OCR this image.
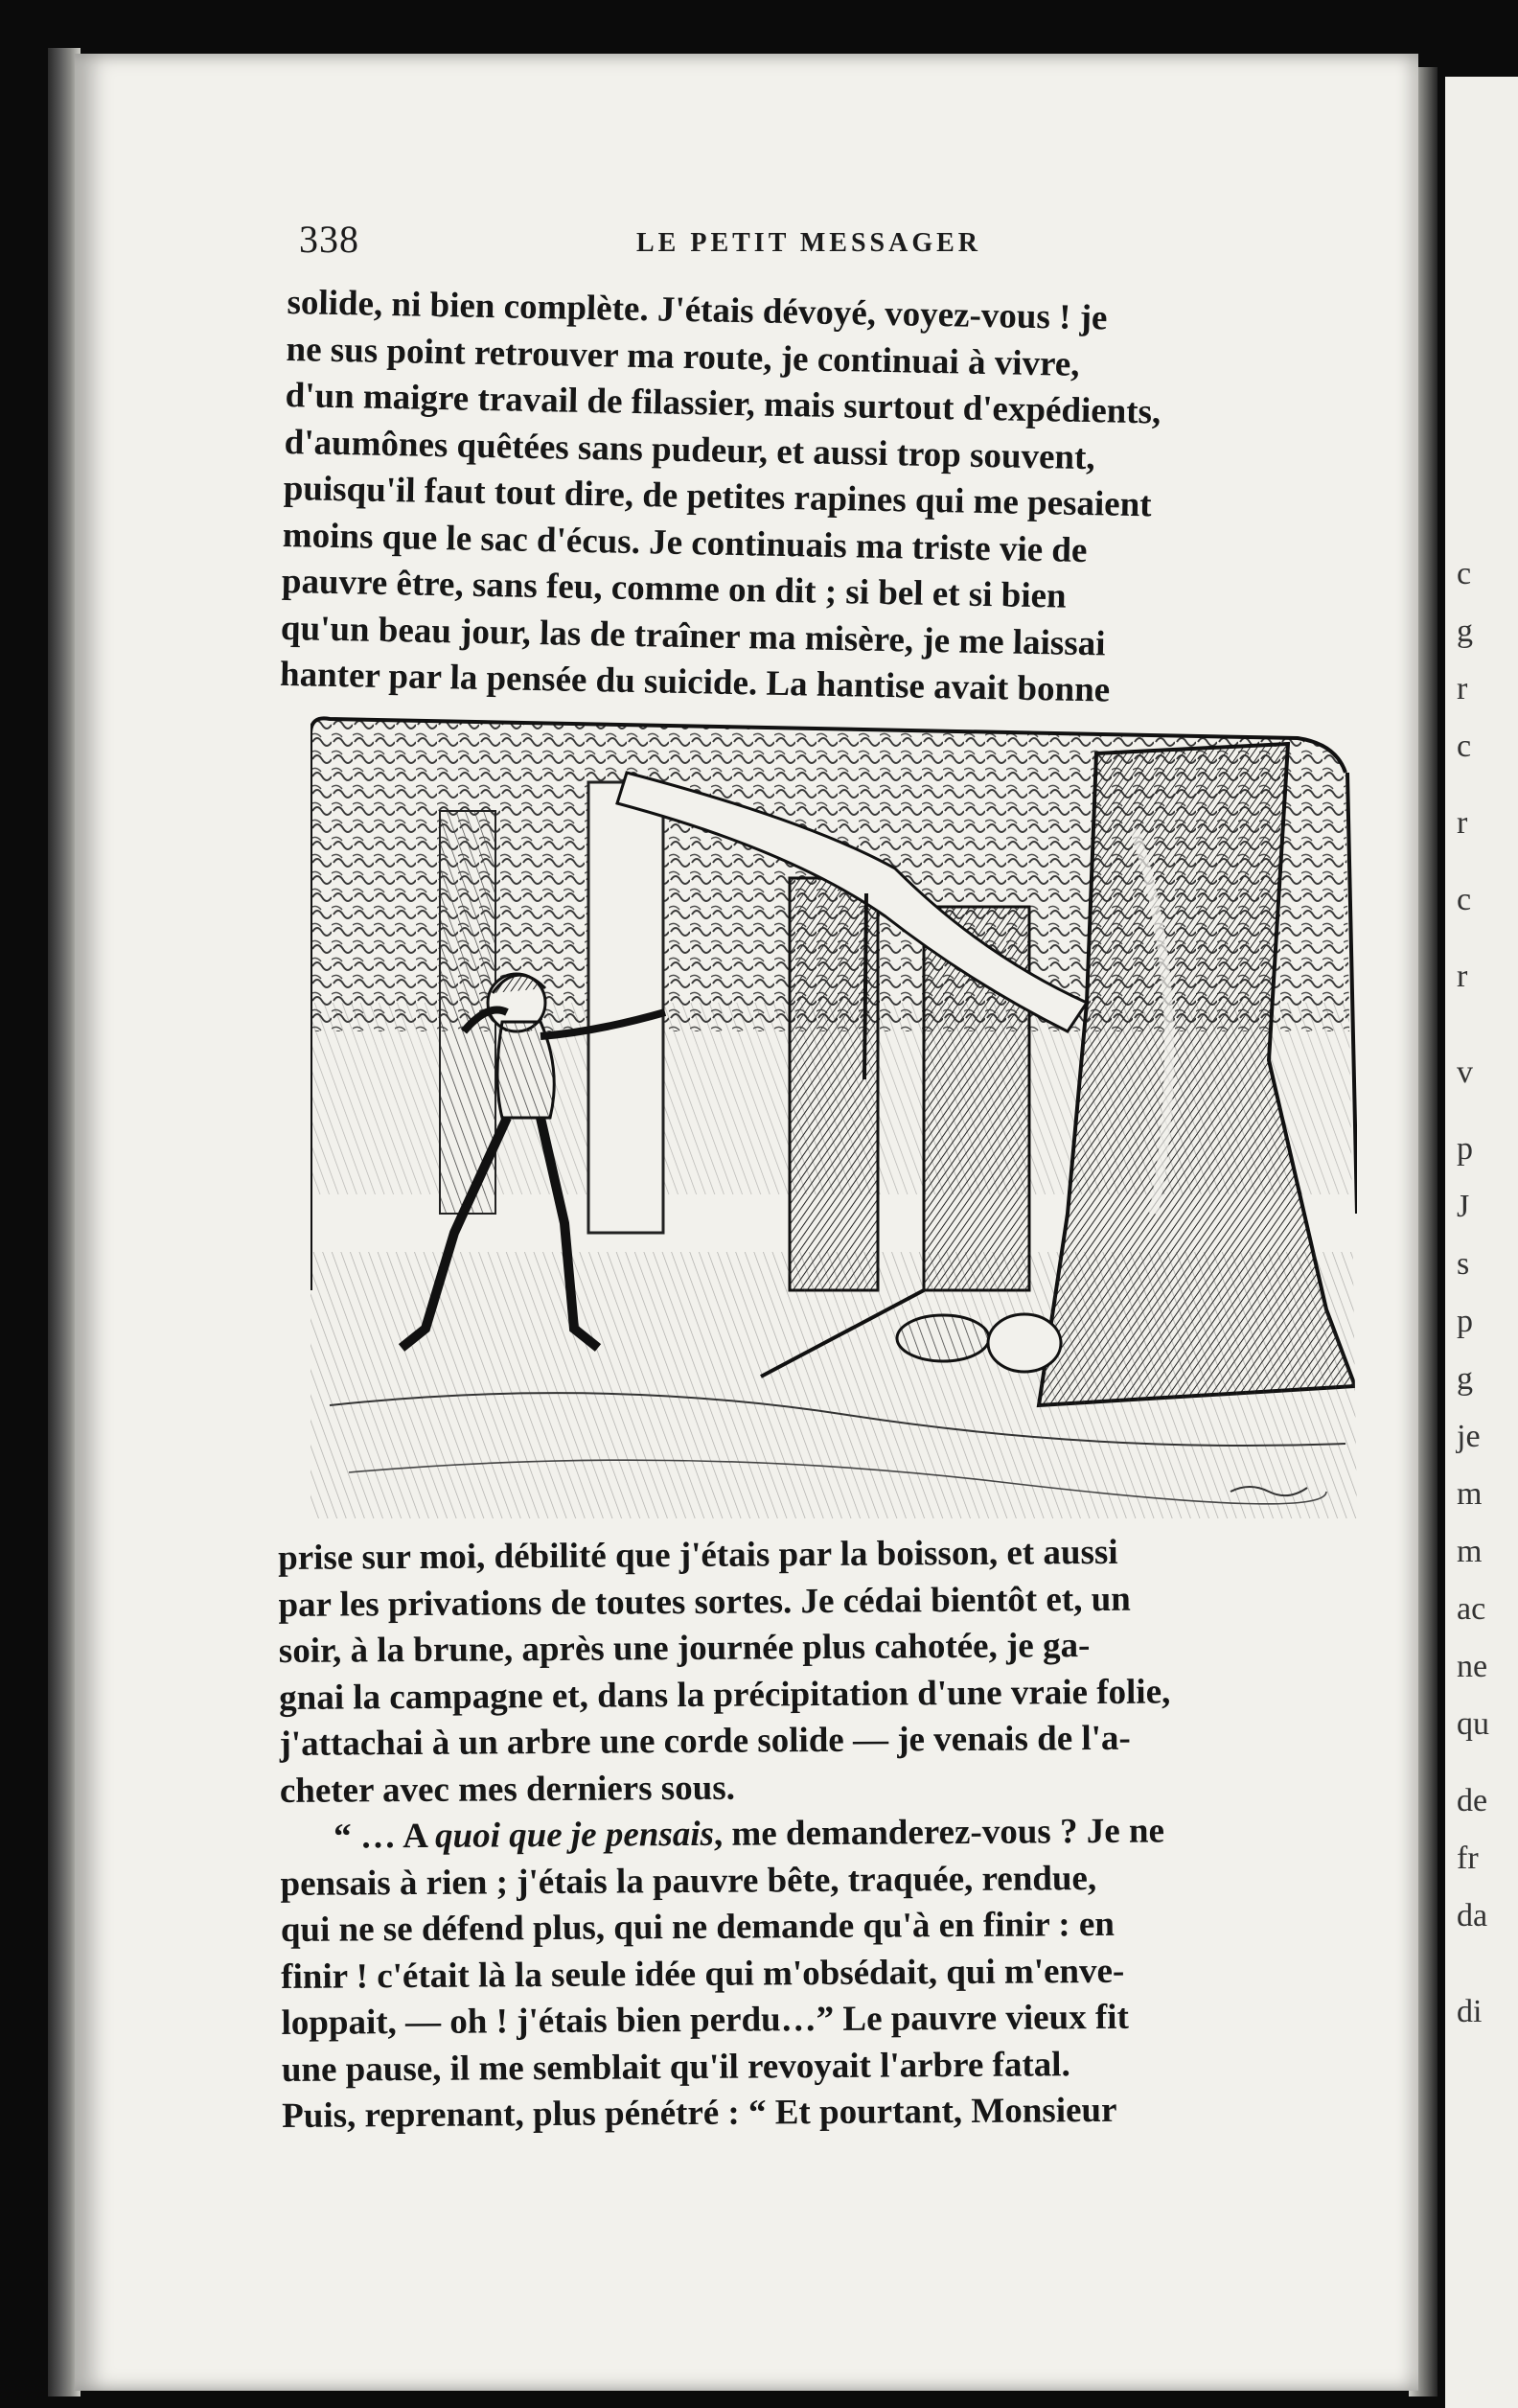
c
g
r
c
r
c
r
v
p
J
s
p
g
je
m
m
ac
ne
qu
de
fr
da
di
338	LE PETIT MESSAGER
solide, ni bien complète. J'étais dévoyé, voyez-vous ! je
ne sus point retrouver ma route, je continuai à vivre,
d'un maigre travail de filassier, mais surtout d'expédients,
d'aumônes quêtées sans pudeur, et aussi trop souvent,
puisqu'il faut tout dire, de petites rapines qui me pesaient
moins que le sac d'écus. Je continuais ma triste vie de
pauvre être, sans feu, comme on dit ; si bel et si bien
qu'un beau jour, las de traîner ma misère, je me laissai
hanter par la pensée du suicide. La hantise avait bonne
prise sur moi, débilité que j'étais par la boisson, et aussi
par les privations de toutes sortes. Je cédai bientôt et, un
soir, à la brune, après une journée plus cahotée, je ga-
gnai la campagne et, dans la précipitation d'une vraie folie,
j'attachai à un arbre une corde solide — je venais de l'a-
cheter avec mes derniers sous.
“ … A quoi que je pensais, me demanderez-vous ? Je ne
pensais à rien ; j'étais la pauvre bête, traquée, rendue,
qui ne se défend plus, qui ne demande qu'à en finir : en
finir ! c'était là la seule idée qui m'obsédait, qui m'enve-
loppait, — oh ! j'étais bien perdu…” Le pauvre vieux fit
une pause, il me semblait qu'il revoyait l'arbre fatal.
Puis, reprenant, plus pénétré : “ Et pourtant, Monsieur
